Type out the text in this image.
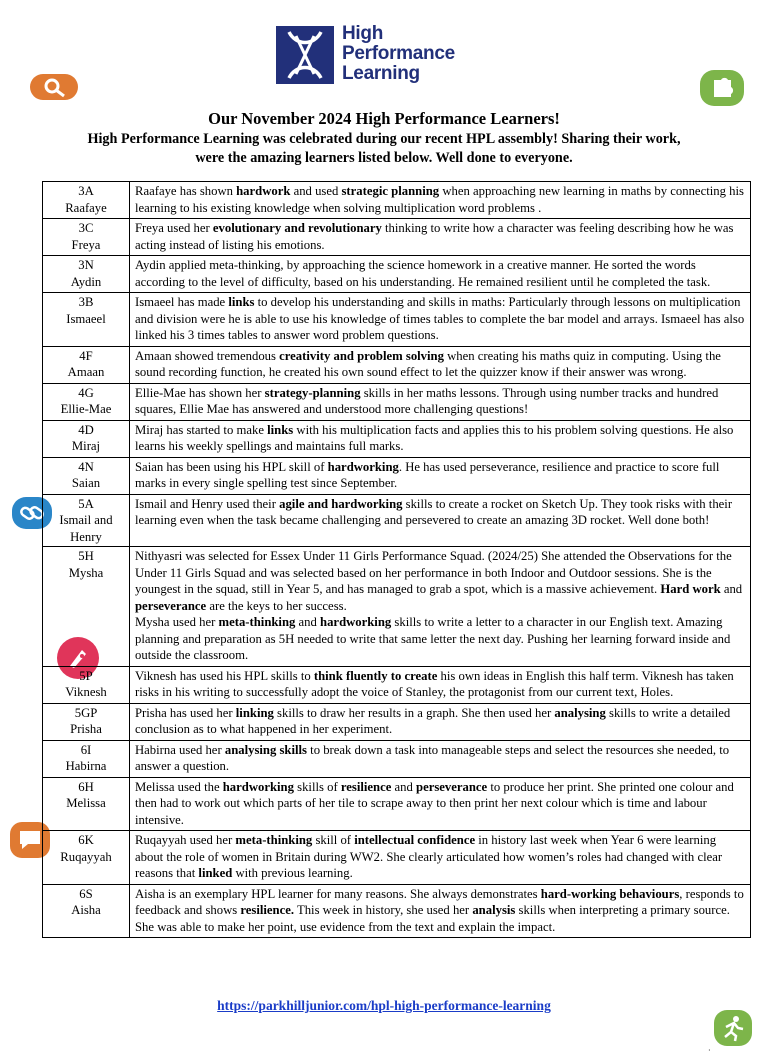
High
Performance
Learning
Our November 2024 High Performance Learners!
High Performance Learning was celebrated during our recent HPL assembly! Sharing their work,
were the amazing learners listed below. Well done to everyone.
3A
Raafaye	Raafaye has shown hardwork and used strategic planning when approaching new learning in maths by connecting his learning to his existing knowledge when solving multiplication word problems .

3C
Freya	Freya used her evolutionary and revolutionary thinking to write how a character was feeling describing how he was acting instead of listing his emotions.

3N
Aydin	Aydin applied meta-thinking, by approaching the science homework in a creative manner. He sorted the words according to the level of difficulty, based on his understanding. He remained resilient until he completed the task.

3B
Ismaeel	Ismaeel has made links to develop his understanding and skills in maths: Particularly through lessons on multiplication and division were he is able to use his knowledge of times tables to complete the bar model and arrays. Ismaeel has also linked his 3 times tables to answer word problem questions.

4F
Amaan	Amaan showed tremendous creativity and problem solving when creating his maths quiz in computing. Using the sound recording function, he created his own sound effect to let the quizzer know if their answer was wrong.

4G
Ellie-Mae	Ellie-Mae has shown her strategy-planning skills in her maths lessons. Through using number tracks and hundred squares, Ellie Mae has answered and understood more challenging questions!

4D
Miraj	Miraj has started to make links with his multiplication facts and applies this to his problem solving questions. He also learns his weekly spellings and maintains full marks.

4N
Saian	Saian has been using his HPL skill of hardworking. He has used perseverance, resilience and practice to score full marks in every single spelling test since September.

5A
Ismail and Henry	Ismail and Henry used their agile and hardworking skills to create a rocket on Sketch Up. They took risks with their learning even when the task became challenging and persevered to create an amazing 3D rocket. Well done both!

5H
Mysha	Nithyasri was selected for Essex Under 11 Girls Performance Squad. (2024/25) She attended the Observations for the Under 11 Girls Squad and was selected based on her performance in both Indoor and Outdoor sessions. She is the youngest in the squad, still in Year 5, and has managed to grab a spot, which is a massive achievement. Hard work and perseverance are the keys to her success.
Mysha used her meta-thinking and hardworking skills to write a letter to a character in our English text. Amazing planning and preparation as 5H needed to write that same letter the next day. Pushing her learning forward inside and outside the classroom.

5P
Viknesh	Viknesh has used his HPL skills to think fluently to create his own ideas in English this half term. Viknesh has taken risks in his writing to successfully adopt the voice of Stanley, the protagonist from our current text, Holes.

5GP
Prisha	Prisha has used her linking skills to draw her results in a graph. She then used her analysing skills to write a detailed conclusion as to what happened in her experiment.

6I
Habirna	Habirna used her analysing skills to break down a task into manageable steps and select the resources she needed, to answer a question.

6H
Melissa	Melissa used the hardworking skills of resilience and perseverance to produce her print. She printed one colour and then had to work out which parts of her tile to scrape away to then print her next colour which is time and labour intensive.

6K
Ruqayyah	Ruqayyah used her meta-thinking skill of intellectual confidence in history last week when Year 6 were learning about the role of women in Britain during WW2. She clearly articulated how women’s roles had changed with clear reasons that linked with previous learning.

6S
Aisha	Aisha is an exemplary HPL learner for many reasons. She always demonstrates hard-working behaviours, responds to feedback and shows resilience. This week in history, she used her analysis skills when interpreting a primary source. She was able to make her point, use evidence from the text and explain the impact.
https://parkhilljunior.com/hpl-high-performance-learning
·
